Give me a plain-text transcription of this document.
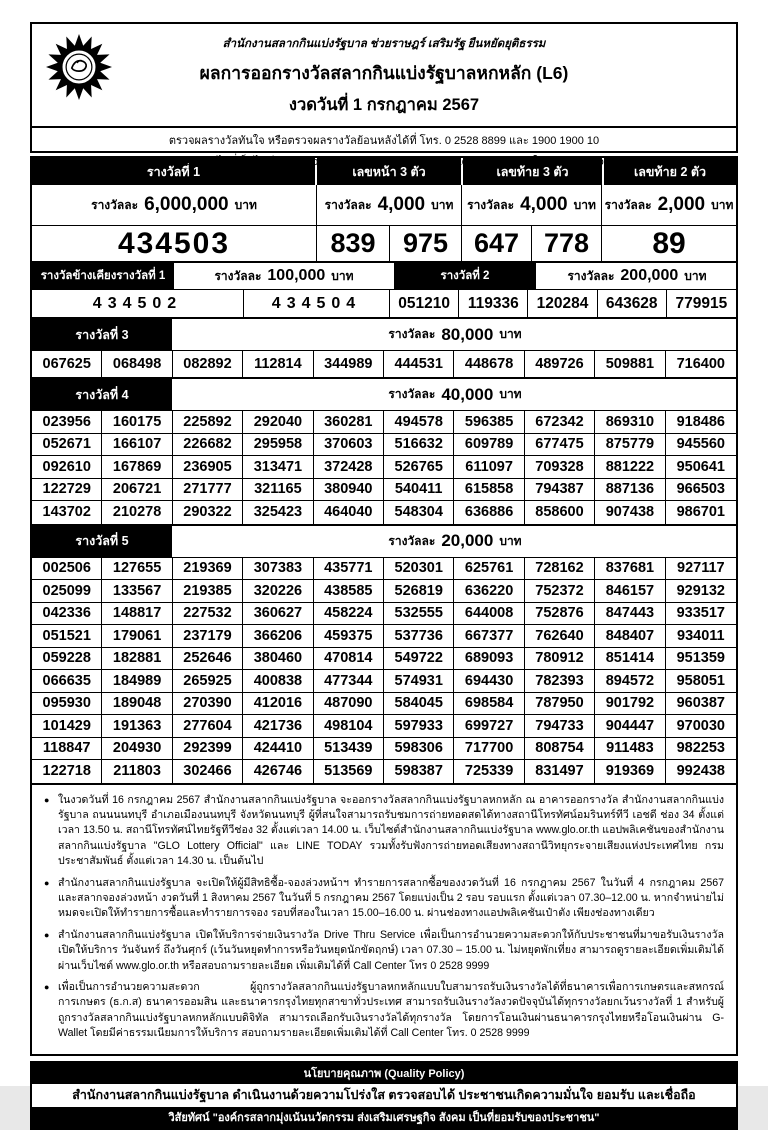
สำนักงานสลากกินแบ่งรัฐบาล ช่วยราษฎร์ เสริมรัฐ ยืนหยัดยุติธรรม
ผลการออกรางวัลสลากกินแบ่งรัฐบาลหกหลัก (L6)
งวดวันที่ 1 กรกฎาคม 2567
ตรวจผลรางวัลทันใจ หรือตรวจผลรางวัลย้อนหลังได้ที่ โทร. 0 2528 8899 และ 1900 1900 10
ตรวจผลรางวัลทาง Internet ได้ที่เว็บไซต์ www.glo.or.th และ Application "GLO Lottery Official" ในระบบ Android และระบบ iOS
รางวัลที่ 1	เลขหน้า 3 ตัว	เลขท้าย 3 ตัว	เลขท้าย 2 ตัว
รางวัลละ 6,000,000 บาท	รางวัลละ 4,000 บาท รางวัลละ 4,000 บาท รางวัลละ 2,000 บาท
434503	839	975 647 778	89
รางวัลข้างเคียงรางวัลที่ 1	รางวัลละ 100,000 บาท	รางวัลที่ 2	รางวัลละ 200,000 บาท
434502	434504	051210	119336	120284	643628	779915
รางวัลที่ 3	รางวัลละ 80,000 บาท
067625	068498	082892	112814	344989	444531	448678	489726	509881	716400
รางวัลที่ 4	รางวัลละ 40,000 บาท
023956	160175	225892	292040	360281	494578	596385	672342	869310	918486
052671	166107	226682	295958	370603	516632	609789	677475	875779	945560
092610	167869	236905	313471	372428	526765	611097	709328	881222	950641
122729	206721	271777	321165	380940	540411	615858	794387	887136	966503
143702	210278	290322	325423	464040	548304	636886	858600	907438	986701
รางวัลที่ 5	รางวัลละ 20,000 บาท
002506	127655	219369	307383	435771	520301	625761	728162	837681	927117
025099	133567	219385	320226	438585	526819	636220	752372	846157	929132
042336	148817	227532	360627	458224	532555	644008	752876	847443	933517
051521	179061	237179	366206	459375	537736	667377	762640	848407	934011
059228	182881	252646	380460	470814	549722	689093	780912	851414	951359
066635	184989	265925	400838	477344	574931	694430	782393	894572	958051
095930	189048	270390	412016	487090	584045	698584	787950	901792	960387
101429	191363	277604	421736	498104	597933	699727	794733	904447	970030
118847	204930	292399	424410	513439	598306	717700	808754	911483	982253
122718	211803	302466	426746	513569	598387	725339	831497	919369	992438
● ในงวดวันที่ 16 กรกฎาคม 2567 สำนักงานสลากกินแบ่งรัฐบาล จะออกรางวัลสลากกินแบ่งรัฐบาลหกหลัก ณ อาคารออกรางวัล สำนักงานสลากกินแบ่งรัฐบาล ถนนนนทบุรี อำเภอเมืองนนทบุรี จังหวัดนนทบุรี ผู้ที่สนใจสามารถรับชมการถ่ายทอดสดได้ทางสถานีโทรทัศน์อมรินทร์ทีวี เอชดี ช่อง 34 ตั้งแต่เวลา 13.50 น. สถานีโทรทัศน์ไทยรัฐทีวีช่อง 32 ตั้งแต่เวลา 14.00 น. เว็บไซต์สำนักงานสลากกินแบ่งรัฐบาล www.glo.or.th แอปพลิเคชันของสำนักงานสลากกินแบ่งรัฐบาล "GLO Lottery Official" และ LINE TODAY รวมทั้งรับฟังการถ่ายทอดเสียงทางสถานีวิทยุกระจายเสียงแห่งประเทศไทย กรมประชาสัมพันธ์ ตั้งแต่เวลา 14.30 น. เป็นต้นไป
● สำนักงานสลากกินแบ่งรัฐบาล จะเปิดให้ผู้มีสิทธิซื้อ-จองล่วงหน้าฯ ทำรายการสลากซื้อของงวดวันที่ 16 กรกฎาคม 2567 ในวันที่ 4 กรกฎาคม 2567 และสลากจองล่วงหน้า งวดวันที่ 1 สิงหาคม 2567 ในวันที่ 5 กรกฎาคม 2567 โดยแบ่งเป็น 2 รอบ รอบแรก ตั้งแต่เวลา 07.30–12.00 น. หากจำหน่ายไม่หมดจะเปิดให้ทำรายการซื้อและทำรายการจอง รอบที่สองในเวลา 15.00–16.00 น. ผ่านช่องทางแอปพลิเคชันเป๋าตัง เพียงช่องทางเดียว
● สำนักงานสลากกินแบ่งรัฐบาล เปิดให้บริการจ่ายเงินรางวัล Drive Thru Service เพื่อเป็นการอำนวยความสะดวกให้กับประชาชนที่มาขอรับเงินรางวัล เปิดให้บริการ วันจันทร์ ถึงวันศุกร์ (เว้นวันหยุดทำการหรือวันหยุดนักขัตฤกษ์) เวลา 07.30 – 15.00 น. ไม่หยุดพักเที่ยง สามารถดูรายละเอียดเพิ่มเติมได้ผ่านเว็บไซต์ www.glo.or.th หรือสอบถามรายละเอียด เพิ่มเติมได้ที่ Call Center โทร 0 2528 9999
● เพื่อเป็นการอำนวยความสะดวก ผู้ถูกรางวัลสลากกินแบ่งรัฐบาลหกหลักแบบใบสามารถรับเงินรางวัลได้ที่ธนาคารเพื่อการเกษตรและสหกรณ์การเกษตร (ธ.ก.ส) ธนาคารออมสิน และธนาคารกรุงไทยทุกสาขาทั่วประเทศ สามารถรับเงินรางวัลงวดปัจจุบันได้ทุกรางวัลยกเว้นรางวัลที่ 1 สำหรับผู้ถูกรางวัลสลากกินแบ่งรัฐบาลหกหลักแบบดิจิทัล สามารถเลือกรับเงินรางวัลได้ทุกรางวัล โดยการโอนเงินผ่านธนาคารกรุงไทยหรือโอนเงินผ่าน G-Wallet โดยมีค่าธรรมเนียมการให้บริการ สอบถามรายละเอียดเพิ่มเติมได้ที่ Call Center โทร. 0 2528 9999
นโยบายคุณภาพ (Quality Policy)
สำนักงานสลากกินแบ่งรัฐบาล ดำเนินงานด้วยความโปร่งใส ตรวจสอบได้ ประชาชนเกิดความมั่นใจ ยอมรับ และเชื่อถือ
วิสัยทัศน์ "องค์กรสลากมุ่งเน้นนวัตกรรม ส่งเสริมเศรษฐกิจ สังคม เป็นที่ยอมรับของประชาชน"
